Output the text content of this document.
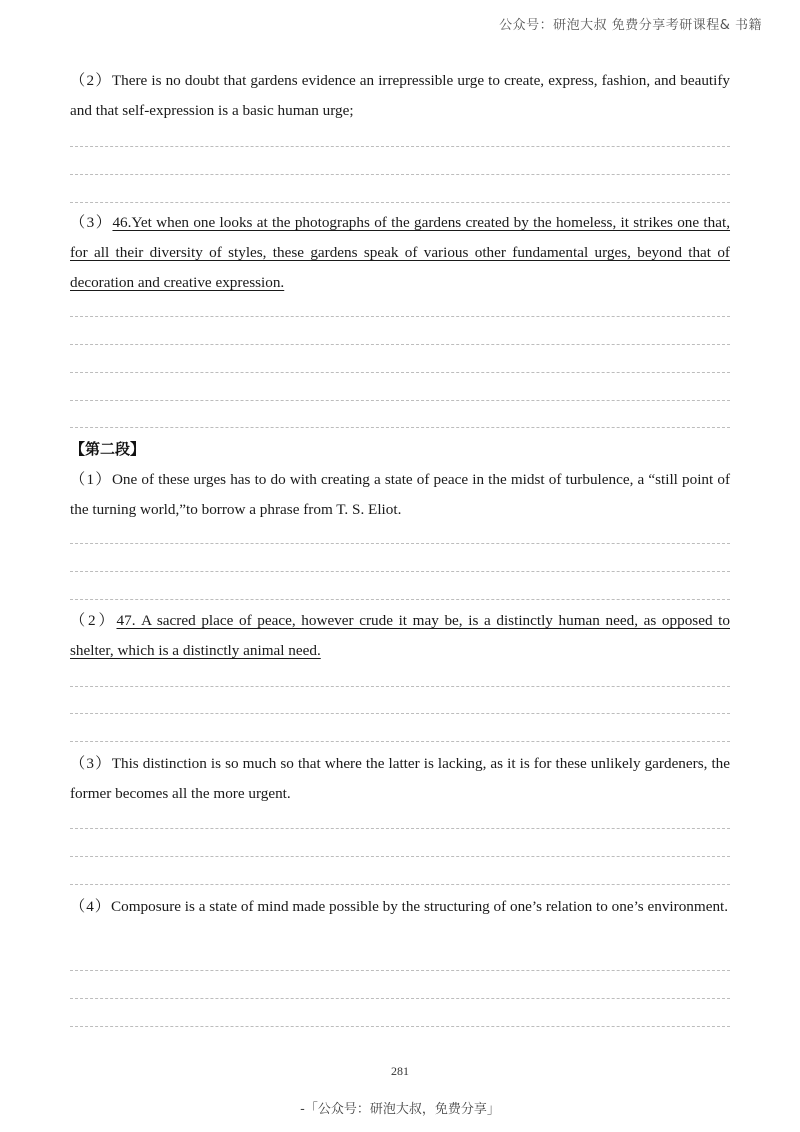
公众号：研泡大叔 免费分享考研课程& 书籍
（2）There is no doubt that gardens evidence an irrepressible urge to create, express, fashion, and beautify and that self-expression is a basic human urge;
（3）46.Yet when one looks at the photographs of the gardens created by the homeless, it strikes one that, for all their diversity of styles, these gardens speak of various other fundamental urges, beyond that of decoration and creative expression.
【第二段】
（1）One of these urges has to do with creating a state of peace in the midst of turbulence, a “still point of the turning world,”to borrow a phrase from T. S. Eliot.
（2）47. A sacred place of peace, however crude it may be, is a distinctly human need, as opposed to shelter, which is a distinctly animal need.
（3）This distinction is so much so that where the latter is lacking, as it is for these unlikely gardeners, the former becomes all the more urgent.
（4）Composure is a state of mind made possible by the structuring of one’s relation to one’s environment.
281
-「公众号：研泡大叔，免费分享」
